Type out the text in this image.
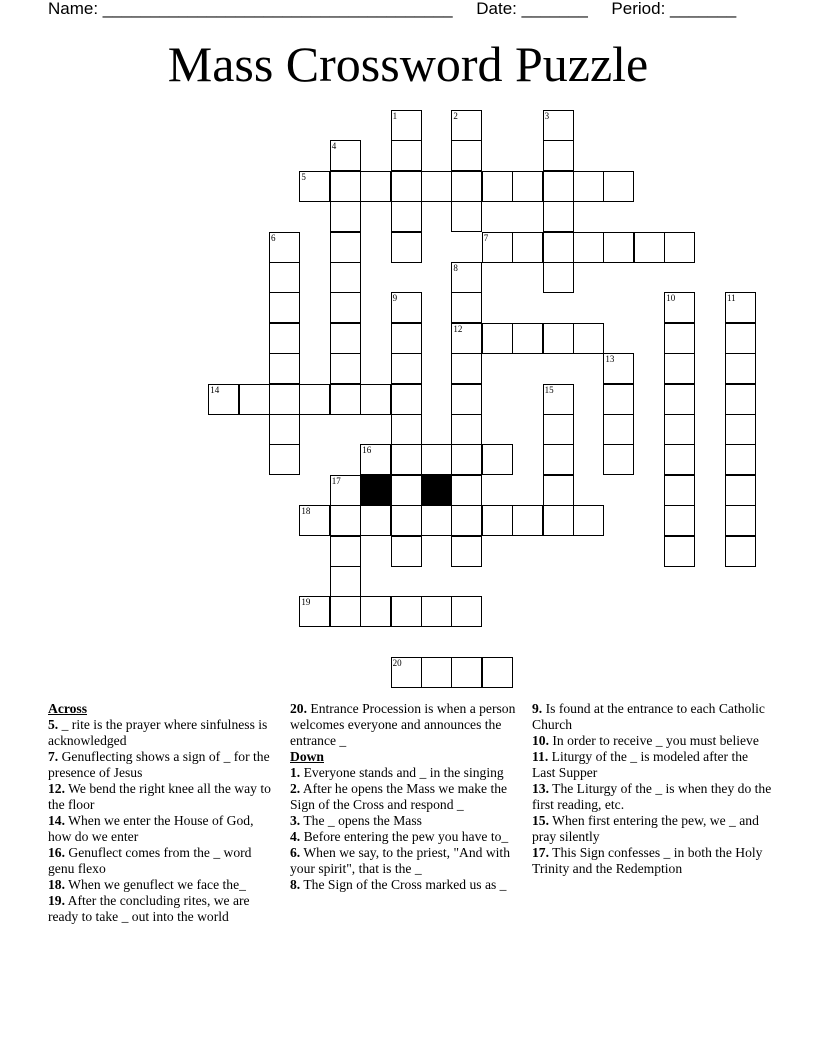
Name: _____________________________________ Date: _______ Period: _______
Mass Crossword Puzzle
1	2	3
4
5
6	7
8
9	10	11
12
13
14	15
16
17
18
19
20
Across
5. _ rite is the prayer where sinfulness is acknowledged
7. Genuflecting shows a sign of _ for the presence of Jesus
12. We bend the right knee all the way to the floor
14. When we enter the House of God, how do we enter
16. Genuflect comes from the _ word genu flexo
18. When we genuflect we face the_
19. After the concluding rites, we are ready to take _ out into the world
20. Entrance Procession is when a person welcomes everyone and announces the entrance _
Down
1. Everyone stands and _ in the singing
2. After he opens the Mass we make the Sign of the Cross and respond _
3. The _ opens the Mass
4. Before entering the pew you have to_
6. When we say, to the priest, "And with your spirit", that is the _
8. The Sign of the Cross marked us as _
9. Is found at the entrance to each Catholic Church
10. In order to receive _ you must believe
11. Liturgy of the _ is modeled after the Last Supper
13. The Liturgy of the _ is when they do the first reading, etc.
15. When first entering the pew, we _ and pray silently
17. This Sign confesses _ in both the Holy Trinity and the Redemption
